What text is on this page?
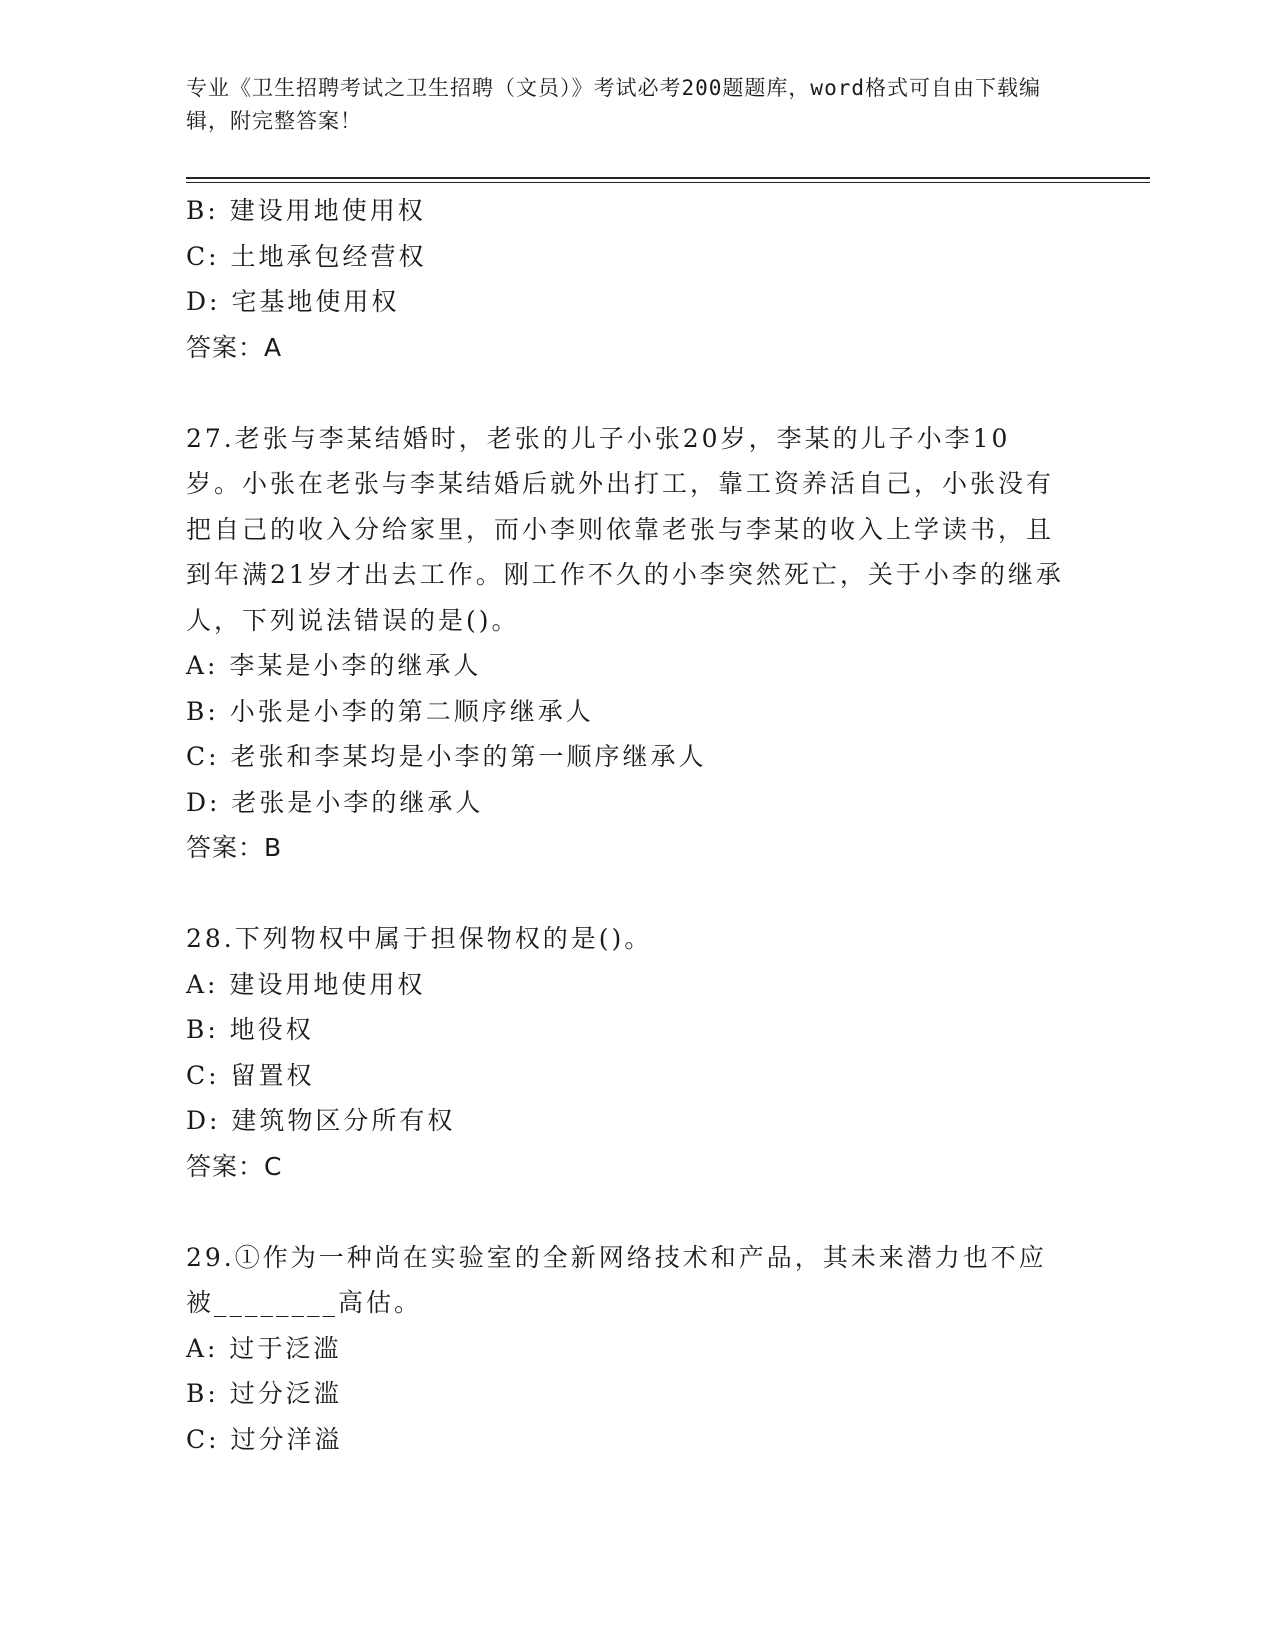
专业《卫生招聘考试之卫生招聘（文员）》考试必考200题题库，word格式可自由下载编辑，附完整答案！
B: 建设用地使用权
C: 土地承包经营权
D: 宅基地使用权
答案：A
27.老张与李某结婚时，老张的儿子小张20岁，李某的儿子小李10岁。小张在老张与李某结婚后就外出打工，靠工资养活自己，小张没有把自己的收入分给家里，而小李则依靠老张与李某的收入上学读书，且到年满21岁才出去工作。刚工作不久的小李突然死亡，关于小李的继承人，下列说法错误的是()。
A: 李某是小李的继承人
B: 小张是小李的第二顺序继承人
C: 老张和李某均是小李的第一顺序继承人
D: 老张是小李的继承人
答案：B
28.下列物权中属于担保物权的是()。
A: 建设用地使用权
B: 地役权
C: 留置权
D: 建筑物区分所有权
答案：C
29.①作为一种尚在实验室的全新网络技术和产品，其未来潜力也不应被________高估。
A: 过于泛滥
B: 过分泛滥
C: 过分洋溢
